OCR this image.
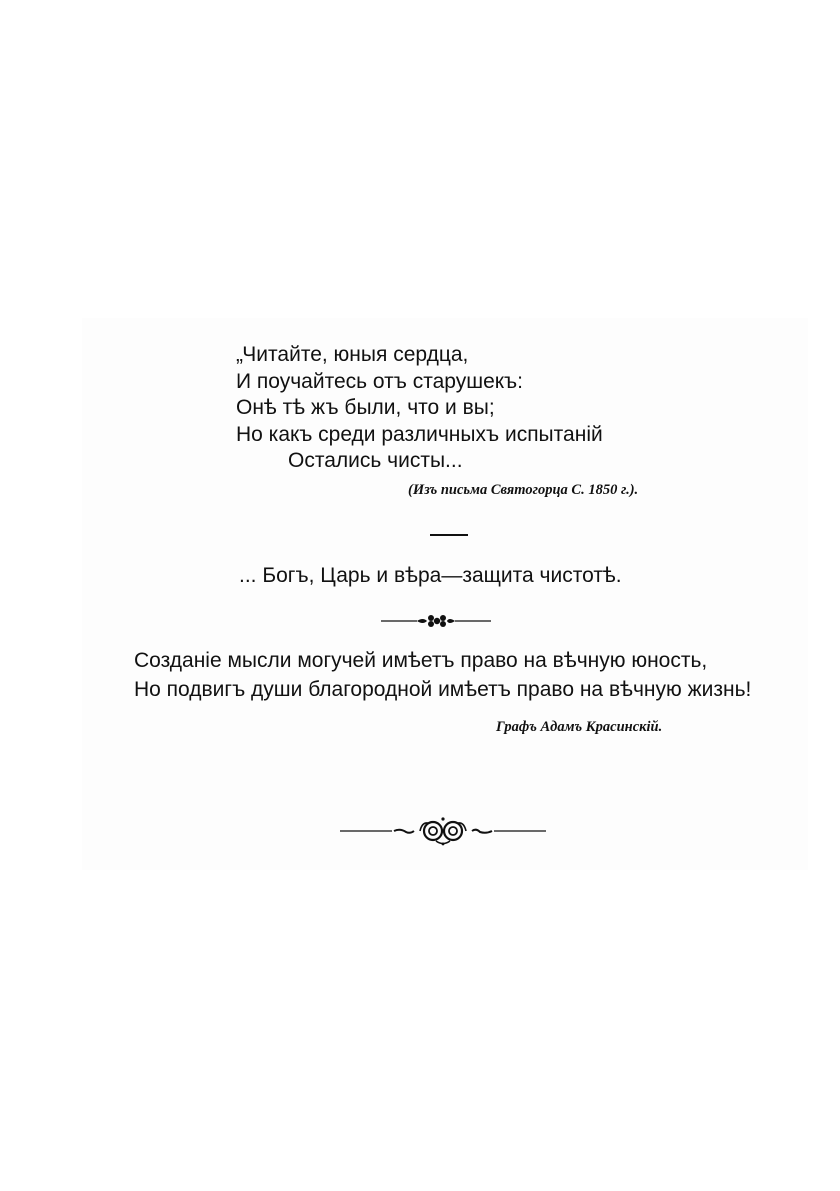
„Читайте, юныя сердца,
И поучайтесь отъ старушекъ:
Онѣ тѣ жъ были, что и вы;
Но какъ среди различныхъ испытаній
Остались чисты...
(Изъ письма Святогорца С. 1850 г.).
... Богъ, Царь и вѣра—защита чистотѣ.
Созданіе мысли могучей имѣетъ право на вѣчную юность,
Но подвигъ души благородной имѣетъ право на вѣчную жизнь!
Графъ Адамъ Красинскій.
